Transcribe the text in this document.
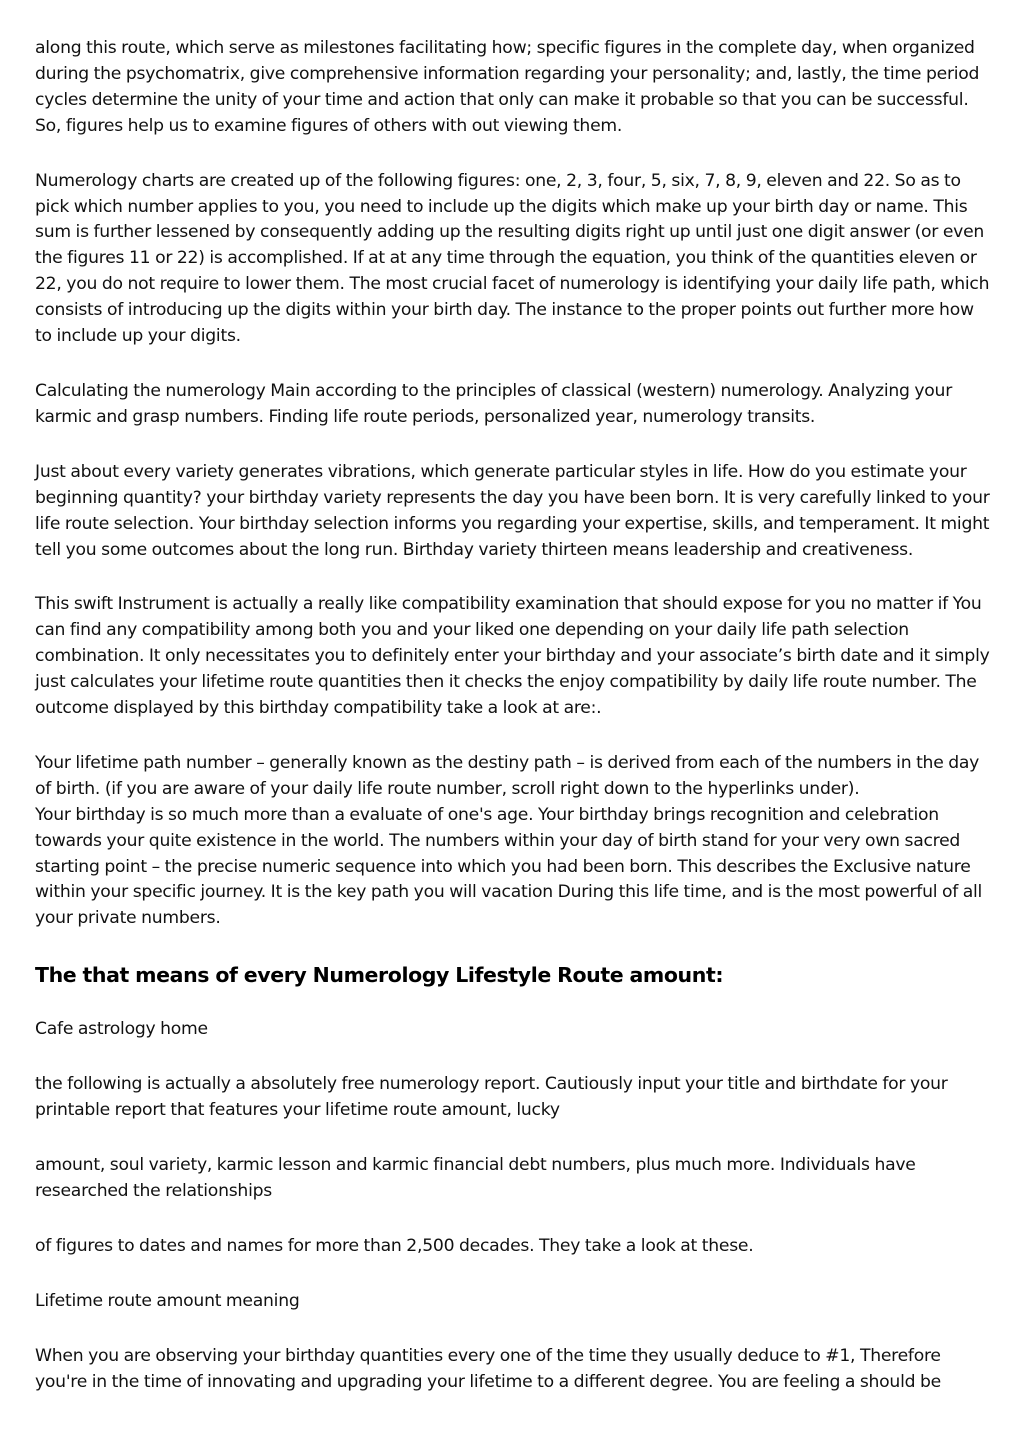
along this route, which serve as milestones facilitating how; specific figures in the complete day, when organized during the psychomatrix, give comprehensive information regarding your personality; and, lastly, the time period cycles determine the unity of your time and action that only can make it probable so that you can be successful. So, figures help us to examine figures of others with out viewing them.

Numerology charts are created up of the following figures: one, 2, 3, four, 5, six, 7, 8, 9, eleven and 22. So as to pick which number applies to you, you need to include up the digits which make up your birth day or name. This sum is further lessened by consequently adding up the resulting digits right up until just one digit answer (or even the figures 11 or 22) is accomplished. If at at any time through the equation, you think of the quantities eleven or 22, you do not require to lower them. The most crucial facet of numerology is identifying your daily life path, which consists of introducing up the digits within your birth day. The instance to the proper points out further more how to include up your digits.

Calculating the numerology Main according to the principles of classical (western) numerology. Analyzing your karmic and grasp numbers. Finding life route periods, personalized year, numerology transits.

Just about every variety generates vibrations, which generate particular styles in life. How do you estimate your beginning quantity? your birthday variety represents the day you have been born. It is very carefully linked to your life route selection. Your birthday selection informs you regarding your expertise, skills, and temperament. It might tell you some outcomes about the long run. Birthday variety thirteen means leadership and creativeness.

This swift Instrument is actually a really like compatibility examination that should expose for you no matter if You can find any compatibility among both you and your liked one depending on your daily life path selection combination. It only necessitates you to definitely enter your birthday and your associate’s birth date and it simply just calculates your lifetime route quantities then it checks the enjoy compatibility by daily life route number. The outcome displayed by this birthday compatibility take a look at are:.

Your lifetime path number – generally known as the destiny path – is derived from each of the numbers in the day of birth. (if you are aware of your daily life route number, scroll right down to the hyperlinks under).

Your birthday is so much more than a evaluate of one's age. Your birthday brings recognition and celebration towards your quite existence in the world. The numbers within your day of birth stand for your very own sacred starting point – the precise numeric sequence into which you had been born. This describes the Exclusive nature within your specific journey. It is the key path you will vacation During this life time, and is the most powerful of all your private numbers.

The that means of every Numerology Lifestyle Route amount:

Cafe astrology home

the following is actually a absolutely free numerology report. Cautiously input your title and birthdate for your printable report that features your lifetime route amount, lucky

amount, soul variety, karmic lesson and karmic financial debt numbers, plus much more. Individuals have researched the relationships

of figures to dates and names for more than 2,500 decades. They take a look at these.

Lifetime route amount meaning

When you are observing your birthday quantities every one of the time they usually deduce to #1, Therefore you're in the time of innovating and upgrading your lifetime to a different degree. You are feeling a should be
